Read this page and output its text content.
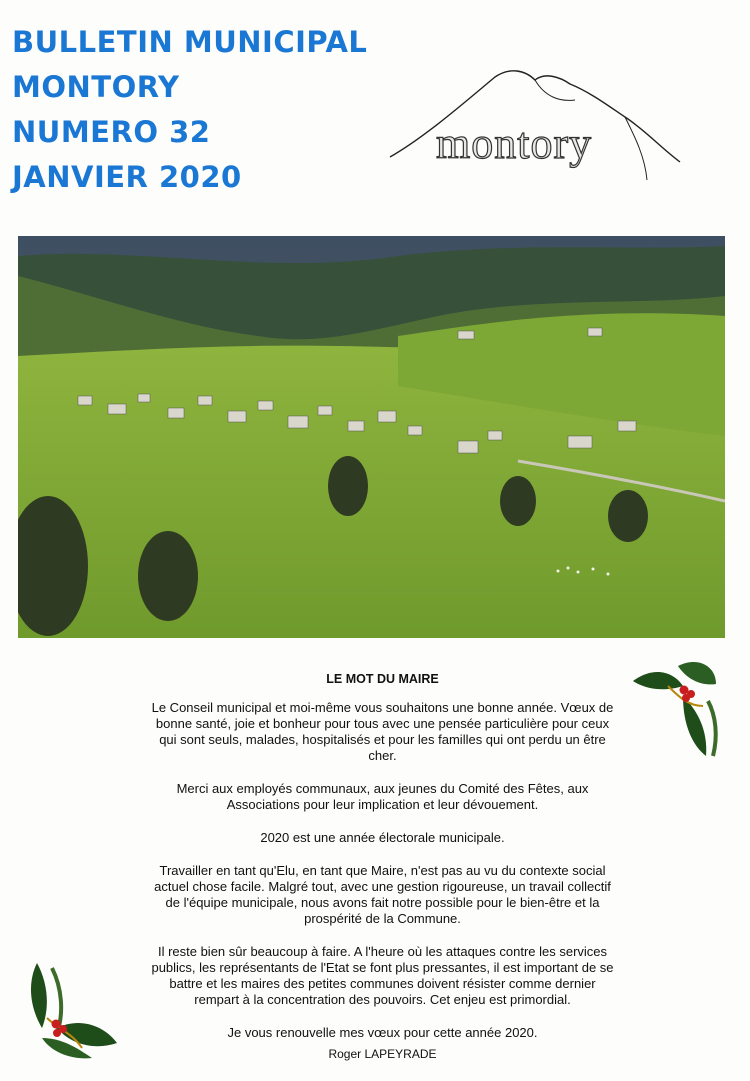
BULLETIN MUNICIPAL
MONTORY
NUMERO 32
JANVIER 2020
montory
LE MOT DU MAIRE

Le Conseil municipal et moi-même vous souhaitons une bonne année. Vœux de bonne santé, joie et bonheur pour tous avec une pensée particulière pour ceux qui sont seuls, malades, hospitalisés et pour les familles qui ont perdu un être cher.

Merci aux employés communaux, aux jeunes du Comité des Fêtes, aux Associations pour leur implication et leur dévouement.

2020 est une année électorale municipale.

Travailler en tant qu'Elu, en tant que Maire, n'est pas au vu du contexte social actuel chose facile. Malgré tout, avec une gestion rigoureuse, un travail collectif de l'équipe municipale, nous avons fait notre possible pour le bien-être et la prospérité de la Commune.

Il reste bien sûr beaucoup à faire. A l'heure où les attaques contre les services publics, les représentants de l'Etat se font plus pressantes, il est important de se battre et les maires des petites communes doivent résister comme dernier rempart à la concentration des pouvoirs. Cet enjeu est primordial.

Je vous renouvelle mes vœux pour cette année 2020.

Roger LAPEYRADE
